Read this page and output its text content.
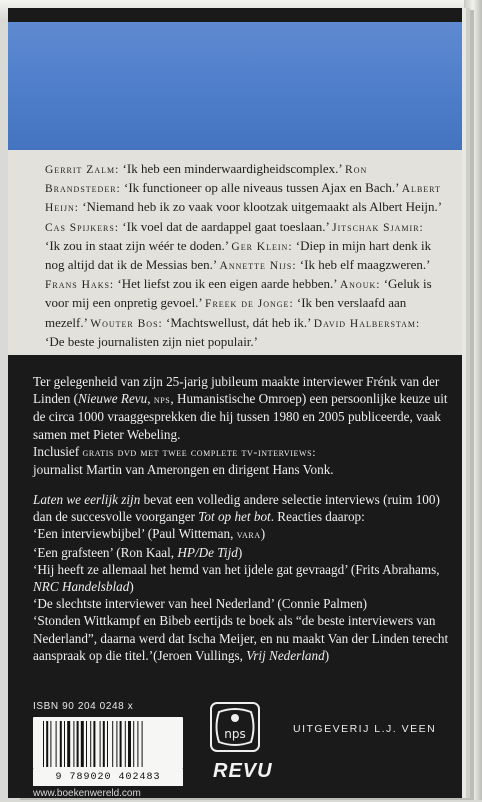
Gerrit Zalm: ‘Ik heb een minderwaardigheidscomplex.’ Ron Brandsteder: ‘Ik functioneer op alle niveaus tussen Ajax en Bach.’ Albert Heijn: ‘Niemand heb ik zo vaak voor klootzak uitgemaakt als Albert Heijn.’ Cas Spijkers: ‘Ik voel dat de aardappel gaat toeslaan.’ Jitschak Sjamir: ‘Ik zou in staat zijn wéér te doden.’ Ger Klein: ‘Diep in mijn hart denk ik nog altijd dat ik de Messias ben.’ Annette Nijs: ‘Ik heb elf maagzweren.’ Frans Haks: ‘Het liefst zou ik een eigen aarde hebben.’ Anouk: ‘Geluk is voor mij een onpretig gevoel.’ Freek de Jonge: ‘Ik ben verslaafd aan mezelf.’ Wouter Bos: ‘Machtswellust, dát heb ik.’ David Halberstam: ‘De beste journalisten zijn niet populair.’
Ter gelegenheid van zijn 25-jarig jubileum maakte interviewer Frénk van der Linden (Nieuwe Revu, nps, Humanistische Omroep) een persoonlijke keuze uit de circa 1000 vraaggesprekken die hij tussen 1980 en 2005 publiceerde, vaak samen met Pieter Webeling.
Inclusief gratis dvd met twee complete tv-interviews:
journalist Martin van Amerongen en dirigent Hans Vonk.
Laten we eerlijk zijn bevat een volledig andere selectie interviews (ruim 100) dan de succesvolle voorganger Tot op het bot. Reacties daarop:
‘Een interviewbijbel’ (Paul Witteman, vara)
‘Een grafsteen’ (Ron Kaal, HP/De Tijd)
‘Hij heeft ze allemaal het hemd van het ijdele gat gevraagd’ (Frits Abrahams, NRC Handelsblad)
‘De slechtste interviewer van heel Nederland’ (Connie Palmen)
‘Stonden Wittkampf en Bibeb eertijds te boek als “de beste interviewers van Nederland”, daarna werd dat Ischa Meijer, en nu maakt Van der Linden terecht aanspraak op die titel.’(Jeroen Vullings, Vrij Nederland)
ISBN 90 204 0248 x
9 789020 402483
www.boekenwereld.com
nps	UITGEVERIJ L.J. VEEN
REVU
